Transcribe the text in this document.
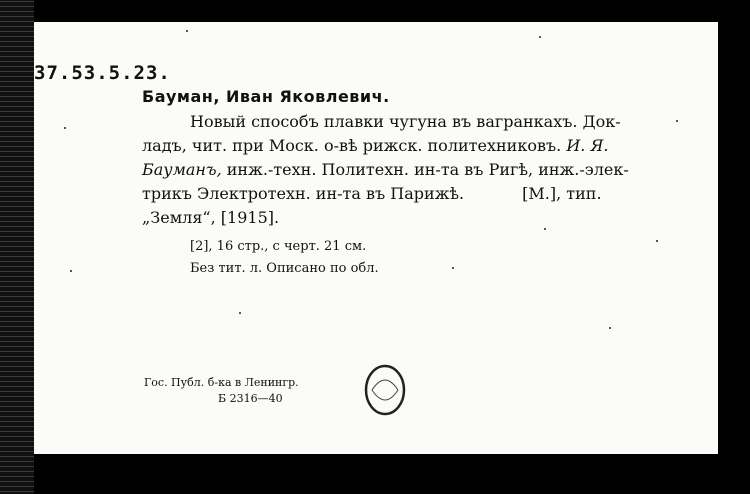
37.53.5.23.
Бауман, Иван Яковлевич.
Новый способъ плавки чугуна въ вагранкахъ. Док-
ладъ, чит. при Моск. о-вѣ рижск. политехниковъ. И. Я.
Бауманъ, инж.-техн. Политехн. ин-та въ Ригѣ, инж.-элек-
трикъ Электротехн. ин-та въ Парижѣ.	[М.], тип.
„Земля“, [1915].
[2], 16 стр., с черт. 21 см.
Без тит. л. Описано по обл.
Гос. Публ. б-ка в Ленингр.
Б 2316—40
